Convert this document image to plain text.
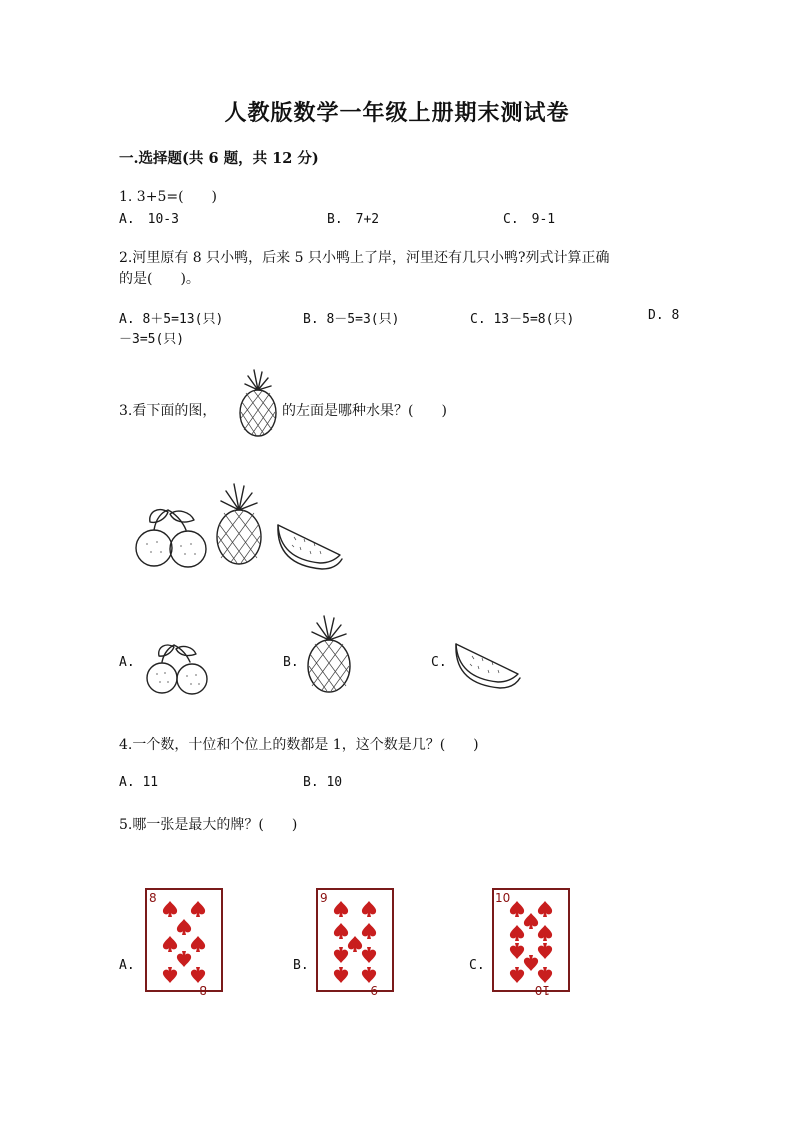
人教版数学一年级上册期末测试卷
一.选择题(共 6 题，共 12 分)
1. 3+5=(　　)
A.　10-3	B.　7+2	C.　9-1
2.河里原有 8 只小鸭，后来 5 只小鸭上了岸，河里还有几只小鸭?列式计算正确
的是(　　)。
A. 8＋5=13(只)	B. 8－5=3(只)	C. 13－5=8(只)	D. 8
－3=5(只)
3.看下面的图，	的左面是哪种水果？(　　)
A.	B.	C.
4.一个数，十位和个位上的数都是 1，这个数是几？(　　)
A. 11	B. 10
5.哪一张是最大的牌？(　　)
A.	B.	C.
8
8
9
9
10
10
